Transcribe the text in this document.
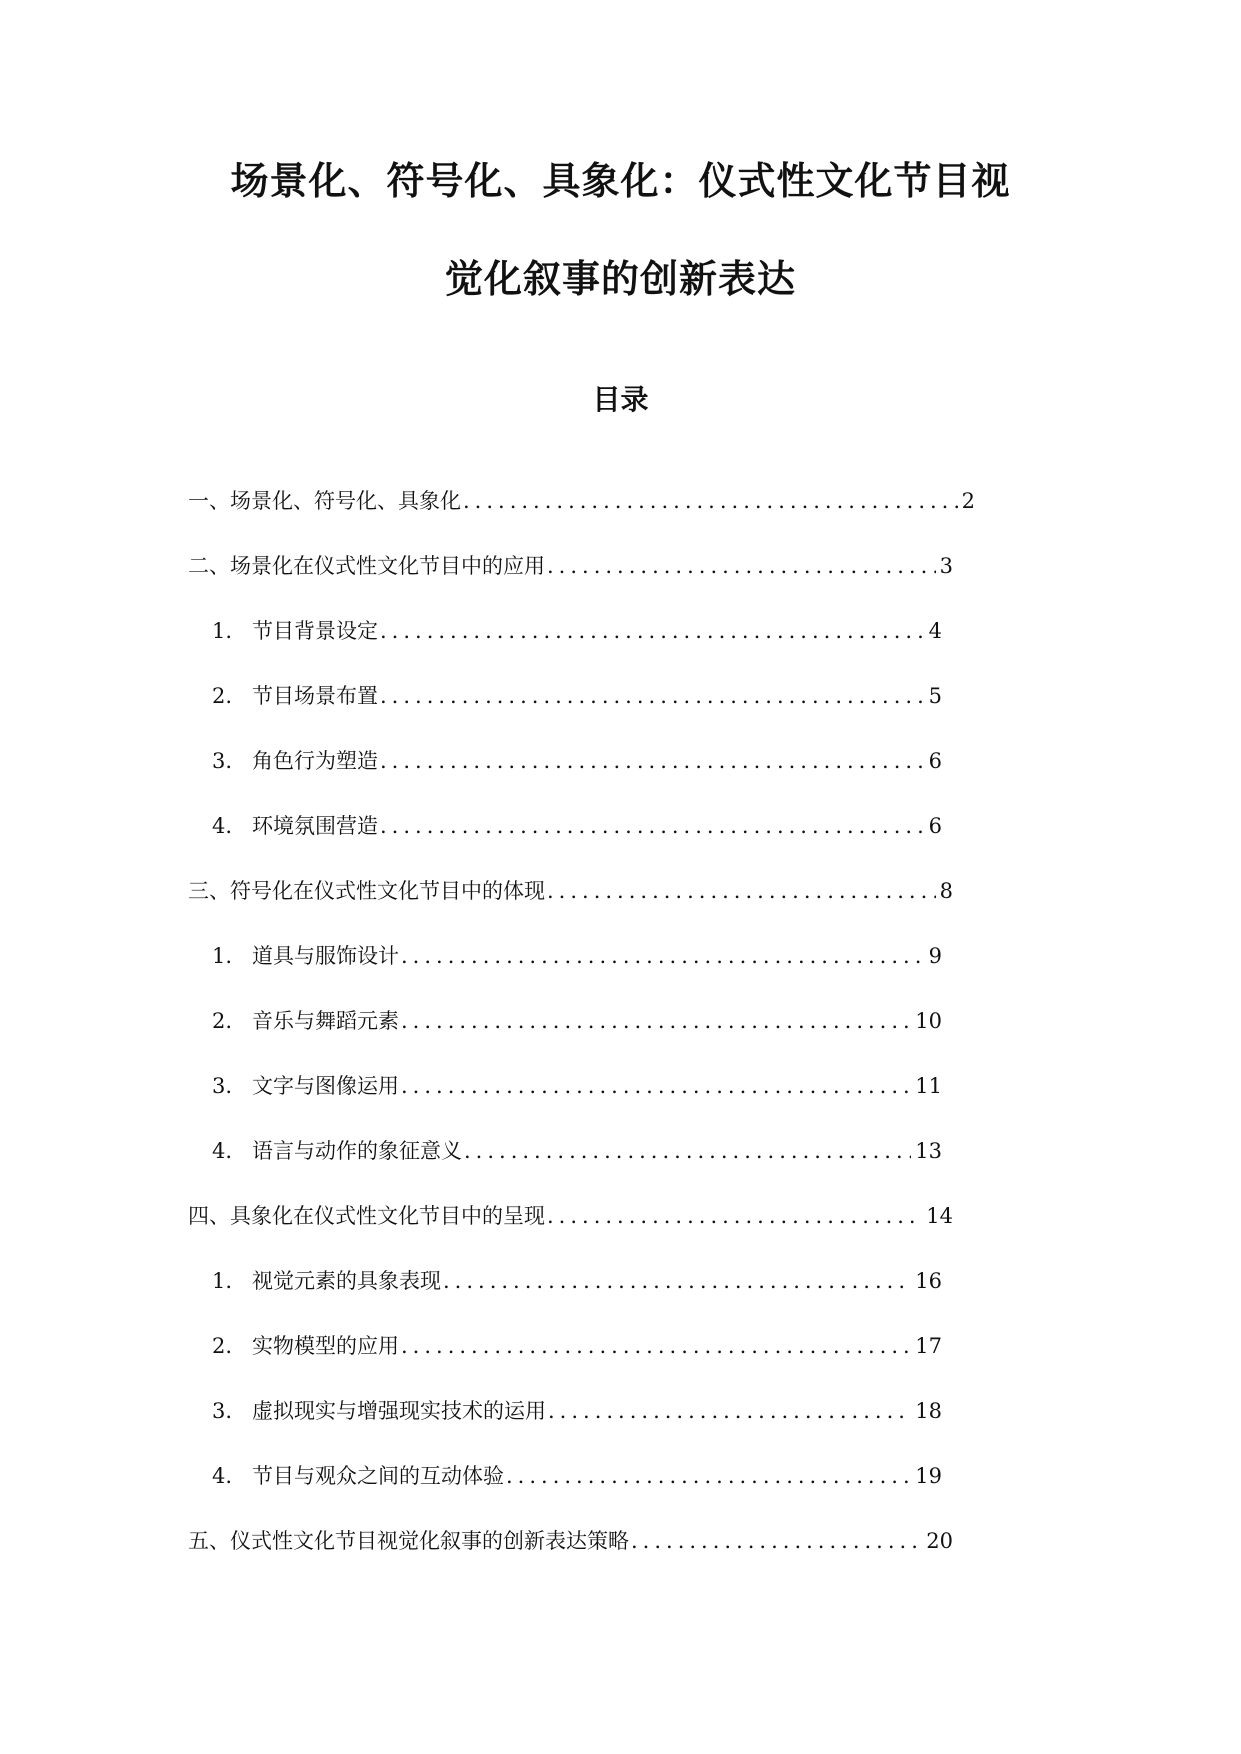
场景化、符号化、具象化：仪式性文化节目视
觉化叙事的创新表达
目录
一、场景化、符号化、具象化 .....	2
二、场景化在仪式性文化节目中的应用 .....	3
1. 节目背景设定 .....	4
2. 节目场景布置 .....	5
3. 角色行为塑造 .....	6
4. 环境氛围营造 .....	6
三、符号化在仪式性文化节目中的体现 .....	8
1. 道具与服饰设计 .....	9
2. 音乐与舞蹈元素 .....	10
3. 文字与图像运用 .....	11
4. 语言与动作的象征意义 .....	13
四、具象化在仪式性文化节目中的呈现 .....	14
1. 视觉元素的具象表现 .....	16
2. 实物模型的应用 .....	17
3. 虚拟现实与增强现实技术的运用 .....	18
4. 节目与观众之间的互动体验 .....	19
五、仪式性文化节目视觉化叙事的创新表达策略 .....	20
